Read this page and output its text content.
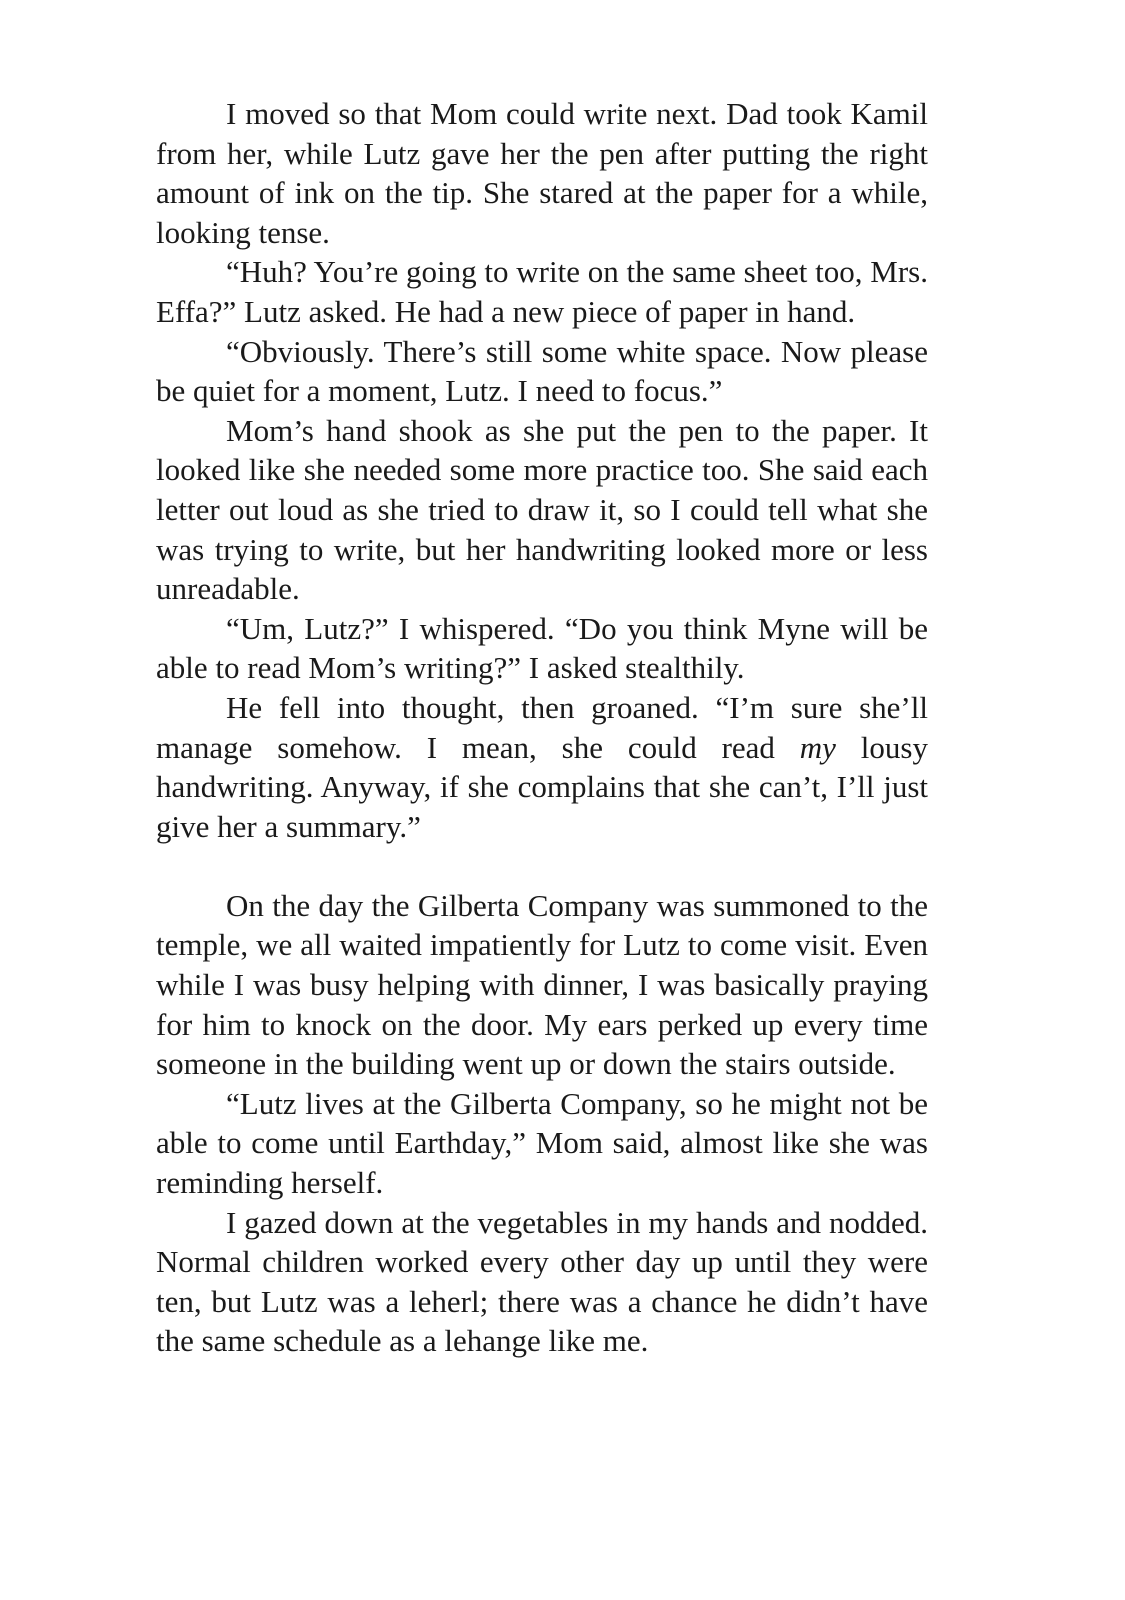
I moved so that Mom could write next. Dad took Kamil from her, while Lutz gave her the pen after putting the right amount of ink on the tip. She stared at the paper for a while, looking tense.

“Huh? You’re going to write on the same sheet too, Mrs. Effa?” Lutz asked. He had a new piece of paper in hand.

“Obviously. There’s still some white space. Now please be quiet for a moment, Lutz. I need to focus.”

Mom’s hand shook as she put the pen to the paper. It looked like she needed some more practice too. She said each letter out loud as she tried to draw it, so I could tell what she was trying to write, but her handwriting looked more or less unreadable.

“Um, Lutz?” I whispered. “Do you think Myne will be able to read Mom’s writing?” I asked stealthily.

He fell into thought, then groaned. “I’m sure she’ll manage somehow. I mean, she could read my lousy handwriting. Anyway, if she complains that she can’t, I’ll just give her a summary.”

On the day the Gilberta Company was summoned to the temple, we all waited impatiently for Lutz to come visit. Even while I was busy helping with dinner, I was basically praying for him to knock on the door. My ears perked up every time someone in the building went up or down the stairs outside.

“Lutz lives at the Gilberta Company, so he might not be able to come until Earthday,” Mom said, almost like she was reminding herself.

I gazed down at the vegetables in my hands and nodded. Normal children worked every other day up until they were ten, but Lutz was a leherl; there was a chance he didn’t have the same schedule as a lehange like me.
